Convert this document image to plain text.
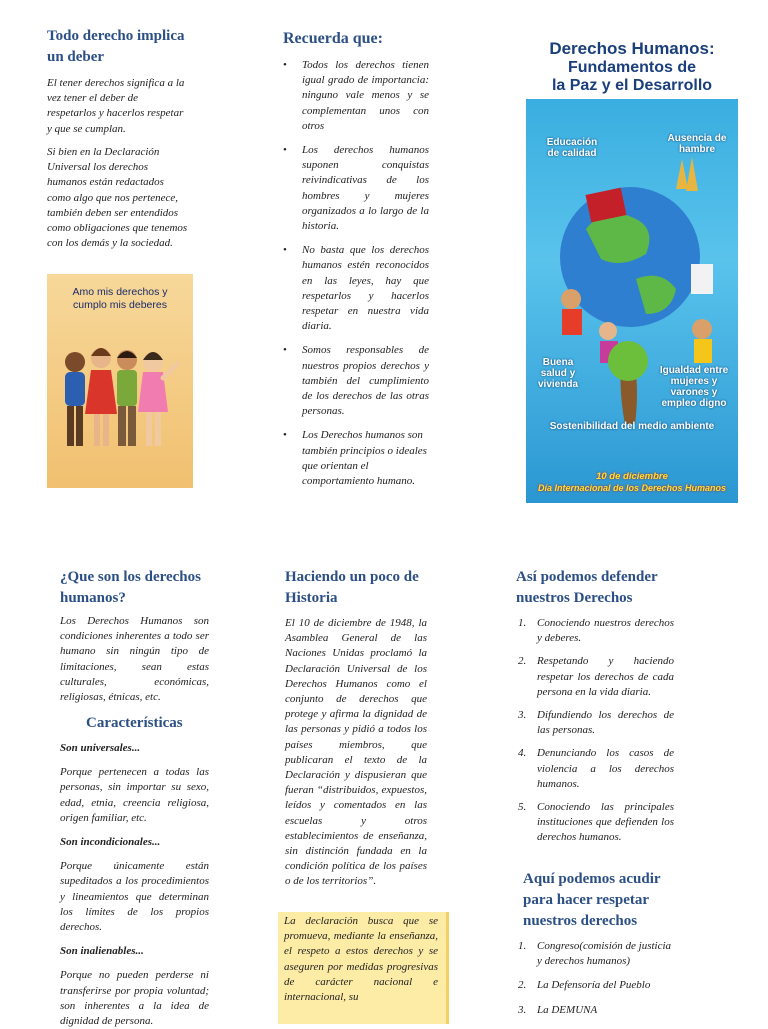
Todo derecho implica un deber

El tener derechos significa a la vez tener el deber de respetarlos y hacerlos respetar y que se cumplan.

Si bien en la Declaración Universal los derechos humanos están redactados como algo que nos pertenece, también deben ser entendidos como obligaciones que tenemos con los demás y la sociedad.

Amo mis derechos y cumplo mis deberes
Recuerda que:
• Todos los derechos tienen igual grado de importancia: ninguno vale menos y se complementan unos con otros
• Los derechos humanos suponen conquistas reivindicativas de los hombres y mujeres organizados a lo largo de la historia.
• No basta que los derechos humanos estén reconocidos en las leyes, hay que respetarlos y hacerlos respetar en nuestra vida diaria.
• Somos responsables de nuestros propios derechos y también del cumplimiento de los derechos de las otras personas.
• Los Derechos humanos son también principios o ideales que orientan el comportamiento humano.
Derechos Humanos:
Fundamentos de
la Paz y el Desarrollo
Educación de calidad
Ausencia de hambre
Buena salud y vivienda
Igualdad entre mujeres y varones y empleo digno
Sostenibilidad del medio ambiente
10 de diciembre
Día Internacional de los Derechos Humanos
¿Que son los derechos humanos?

Los Derechos Humanos son condiciones inherentes a todo ser humano sin ningún tipo de limitaciones, sean estas culturales, económicas, religiosas, étnicas, etc.

Características

Son universales...

Porque pertenecen a todas las personas, sin importar su sexo, edad, etnia, creencia religiosa, origen familiar, etc.

Son incondicionales...

Porque únicamente están supeditados a los procedimientos y lineamientos que determinan los límites de los propios derechos.

Son inalienables...

Porque no pueden perderse ni transferirse por propia voluntad; son inherentes a la idea de dignidad de persona.

Haciendo un poco de Historia

El 10 de diciembre de 1948, la Asamblea General de las Naciones Unidas proclamó la Declaración Universal de los Derechos Humanos como el conjunto de derechos que protege y afirma la dignidad de las personas y pidió a todos los países miembros, que publicaran el texto de la Declaración y dispusieran que fueran “distribuidos, expuestos, leídos y comentados en las escuelas y otros establecimientos de enseñanza, sin distinción fundada en la condición política de los países o de los territorios”.

La declaración busca que se promueva, mediante la enseñanza, el respeto a estos derechos y se aseguren por medidas progresivas de carácter nacional e internacional, su

Así podemos defender nuestros Derechos
1. Conociendo nuestros derechos y deberes.
2. Respetando y haciendo respetar los derechos de cada persona en la vida diaria.
3. Difundiendo los derechos de las personas.
4. Denunciando los casos de violencia a los derechos humanos.
5. Conociendo las principales instituciones que defienden los derechos humanos.
Aquí podemos acudir para hacer respetar nuestros derechos
1. Congreso(comisión de justicia y derechos humanos)
2. La Defensoría del Pueblo
3. La DEMUNA
